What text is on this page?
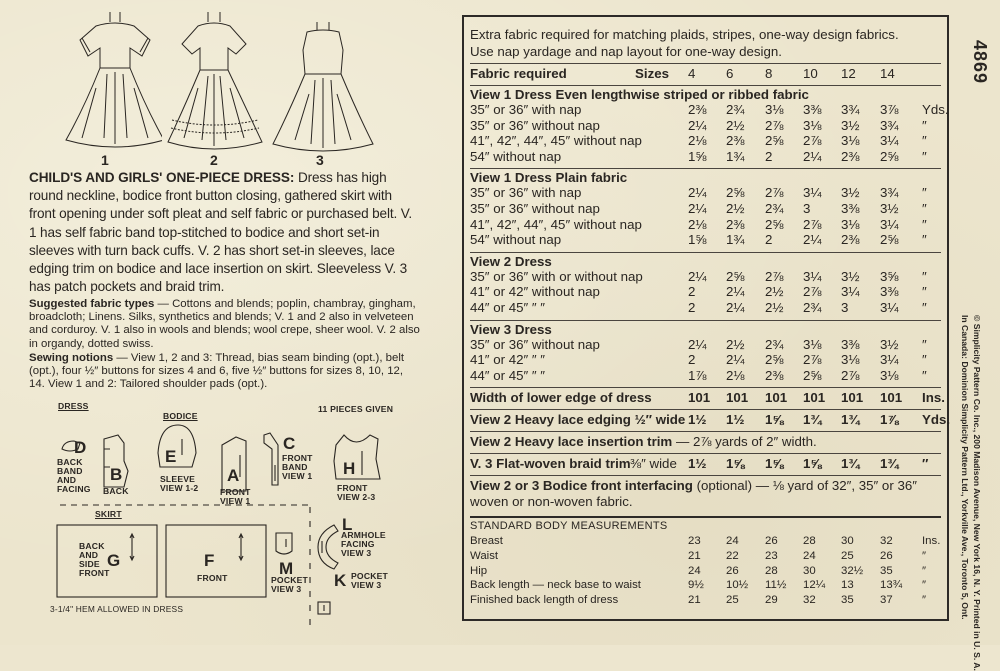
1	2	3
CHILD'S AND GIRLS' ONE-PIECE DRESS: Dress has high round neckline, bodice front button closing, gathered skirt with front opening under soft pleat and self fabric or purchased belt. V. 1 has self fabric band top-stitched to bodice and short set-in sleeves with turn back cuffs. V. 2 has short set-in sleeves, lace edging trim on bodice and lace insertion on skirt. Sleeveless V. 3 has patch pockets and braid trim.
Suggested fabric types — Cottons and blends; poplin, chambray, gingham, broadcloth; Linens. Silks, synthetics and blends; V. 1 and 2 also in velveteen and corduroy. V. 1 also in wools and blends; wool crepe, sheer wool. V. 2 also in organdy, dotted swiss.
Sewing notions — View 1, 2 and 3: Thread, bias seam binding (opt.), belt (opt.), four ½″ buttons for sizes 4 and 6, five ½″ buttons for sizes 8, 10, 12, 14. View 1 and 2: Tailored shoulder pads (opt.).
DRESS
BODICE
11 PIECES GIVEN
D
BACK BAND AND FACING
B
BACK
E
SLEEVE VIEW 1-2
A
FRONT VIEW 1
C
FRONT BAND VIEW 1	H
FRONT VIEW 2-3
SKIRT
BACK AND SIDE FRONT
G	F
FRONT	M
POCKET VIEW 3
L
ARMHOLE FACING VIEW 3
K POCKET VIEW 3
3-1/4" HEM ALLOWED IN DRESS
Extra fabric required for matching plaids, stripes, one-way design fabrics.
Use nap yardage and nap layout for one-way design.
Fabric required	Sizes 4 6 8 10 12 14
View 1 Dress Even lengthwise striped or ribbed fabric
35″ or 36″ with nap	2⅜ 2¾ 3⅛ 3⅜ 3¾ 3⅞ Yds.
35″ or 36″ without nap	2¼ 2½ 2⅞ 3⅛ 3½ 3¾ ″
41″, 42″, 44″, 45″ without nap	2⅛ 2⅜ 2⅝ 2⅞ 3⅛ 3¼ ″
54″ without nap	1⅝ 1¾ 2 2¼ 2⅜ 2⅝ ″
View 1 Dress Plain fabric
35″ or 36″ with nap	2¼ 2⅝ 2⅞ 3¼ 3½ 3¾ ″
35″ or 36″ without nap	2¼ 2½ 2¾ 3 3⅜ 3½ ″
41″, 42″, 44″, 45″ without nap	2⅛ 2⅜ 2⅝ 2⅞ 3⅛ 3¼ ″
54″ without nap	1⅝ 1¾ 2 2¼ 2⅜ 2⅝ ″
View 2 Dress
35″ or 36″ with or without nap	2¼ 2⅝ 2⅞ 3¼ 3½ 3⅝ ″
41″ or 42″ without nap	2 2¼ 2½ 2⅞ 3¼ 3⅜ ″
44″ or 45″ ″ ″	2 2¼ 2½ 2¾ 3 3¼ ″
View 3 Dress
35″ or 36″ without nap	2¼ 2½ 2¾ 3⅛ 3⅜ 3½ ″
41″ or 42″ ″ ″	2 2¼ 2⅝ 2⅞ 3⅛ 3¼ ″
44″ or 45″ ″ ″	1⅞ 2⅛ 2⅜ 2⅝ 2⅞ 3⅛ ″
Width of lower edge of dress	101 101 101 101 101 101 Ins.
View 2 Heavy lace edging ½″ wide 1½ 1½ 1⅝ 1¾ 1¾ 1⅞ Yds.
View 2 Heavy lace insertion trim — 2⅞ yards of 2″ width.
V. 3 Flat-woven braid trim	1½ 1⅝ 1⅝ 1⅝ 1¾ 1¾ ″
⅜″ wide
View 2 or 3 Bodice front interfacing (optional) — ⅛ yard of 32″, 35″ or 36″
woven or non-woven fabric.
STANDARD BODY MEASUREMENTS
Breast	23 24 26 28 30 32	Ins.
Waist	21 22 23 24 25 26	″
Hip	24 26 28 30 32½ 35	″
Back length — neck base to waist	9½ 10½ 11½ 12¼ 13 13¾ ″
Finished back length of dress	21 25 29 32 35 37	″
4869
© Simplicity Pattern Co. Inc., 200 Madison Avenue, New York 16, N. Y. Printed in U. S. A.
In Canada: Dominion Simplicity Pattern Ltd., Yorkville Ave., Toronto 5, Ont.
